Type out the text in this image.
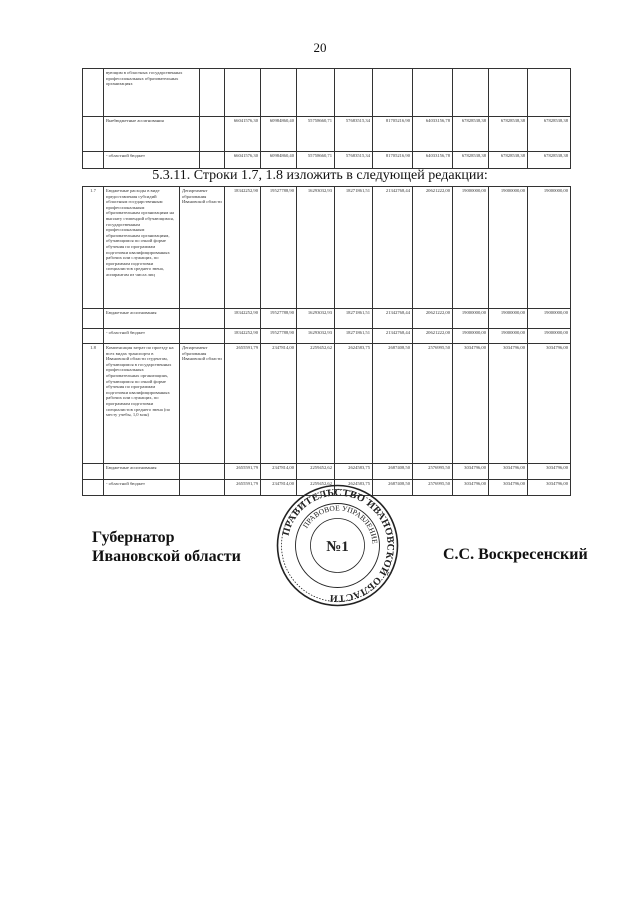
20
	вующим в областных государственных профессиональных образовательных организациях										
	Внебюджетные ассигнования		66041576,30	60984860,40	55758660,71	57683515,34	81705216,90	64033156,78	67828538,38	67828538,38	67828538,38
	- областной бюджет		66041576,30	60984860,40	55758660,71	57683515,34	81705216,90	64033156,78	67828538,38	67828538,38	67828538,38
5.3.11. Строки 1.7, 1.8 изложить в следующей редакции:
1.7	Бюджетные расходы в виде предоставления субсидий областным государственным профессиональным образовательным организациям на выплату стипендий обучающимся, государственным профессиональным образовательным организациям, обучающимся по очной форме обучения по программам подготовки квалифицированных рабочих или служащих, по программам подготовки специалистов среднего звена, аспирантам из числа лиц	Департамент образования Ивановской области	18342252,90	19527788,90	16293032,93	18271861,51	21342768,44	20621222,00	19000000,00	19000000,00	19000000,00
	Бюджетные ассигнования		18342252,90	19527788,90	16293032,93	18271861,51	21342768,44	20621222,00	19000000,00	19000000,00	19000000,00
	- областной бюджет		18342252,90	19527788,90	16293032,93	18271861,51	21342768,44	20621222,00	19000000,00	19000000,00	19000000,00
1.8	Компенсация затрат по проезду на всех видах транспорта в Ивановской области студентам, обучающимся в государственных профессиональных образовательных организациях, обучающимся по очной форме обучения по программам подготовки квалифицированных рабочих или служащих, по программам подготовки специалистов среднего звена (по месту учебы, 1,0 млн)	Департамент образования Ивановской области	2655591,79	2347814,00	2259452,62	2624583,75	2687408,50	2576995,50	3034796,00	3034796,00	3034796,00
	Бюджетные ассигнования		2655591,79	2347814,00	2259452,62	2624583,75	2687408,50	2576995,50	3034796,00	3034796,00	3034796,00
	- областной бюджет		2655591,79	2347814,00	2259452,62	2624583,75	2687408,50	2576995,50	3034796,00	3034796,00	3034796,00
Губернатор
Ивановской области	С.С. Воскресенский
ПРАВИТЕЛЬСТВО ИВАНОВСКОЙ ОБЛАСТИ
ПРАВОВОЕ УПРАВЛЕНИЕ
№1
